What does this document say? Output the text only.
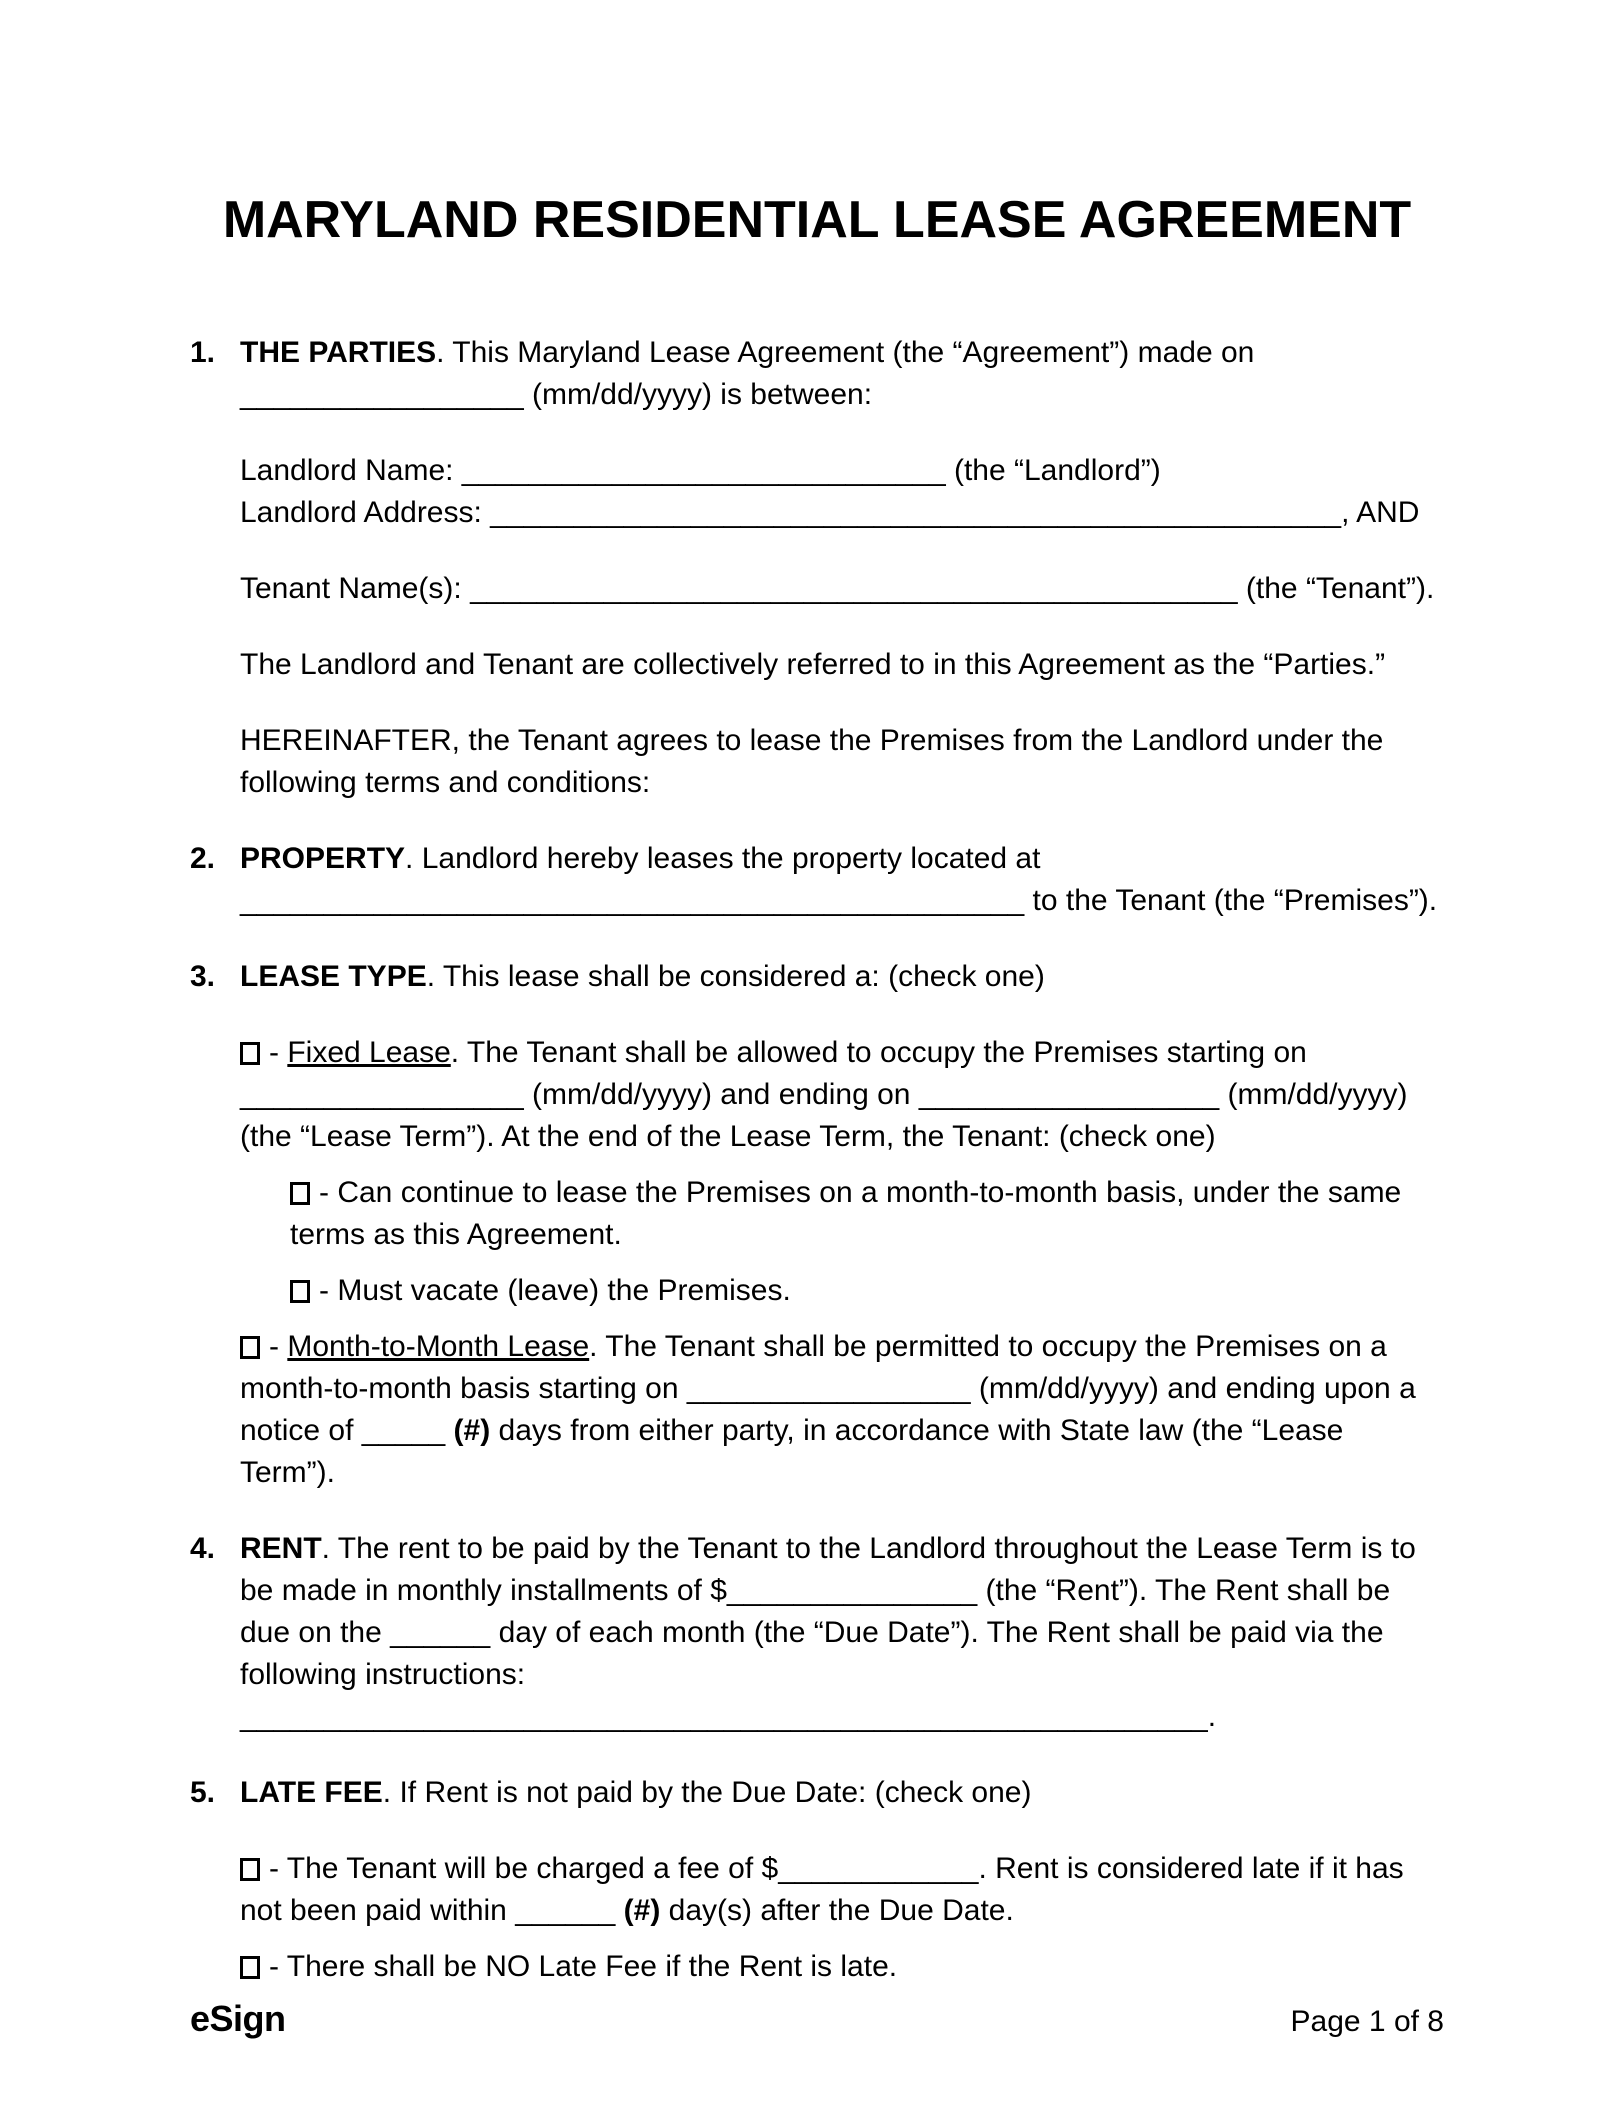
MARYLAND RESIDENTIAL LEASE AGREEMENT
1. THE PARTIES. This Maryland Lease Agreement (the “Agreement”) made on _________________ (mm/dd/yyyy) is between:
Landlord Name: _____________________________ (the “Landlord”)
Landlord Address: ___________________________________________________, AND
Tenant Name(s): ______________________________________________ (the “Tenant”).
The Landlord and Tenant are collectively referred to in this Agreement as the “Parties.”
HEREINAFTER, the Tenant agrees to lease the Premises from the Landlord under the following terms and conditions:
2. PROPERTY. Landlord hereby leases the property located at _______________________________________________ to the Tenant (the “Premises”).
3. LEASE TYPE. This lease shall be considered a: (check one)
- Fixed Lease. The Tenant shall be allowed to occupy the Premises starting on _________________ (mm/dd/yyyy) and ending on __________________ (mm/dd/yyyy) (the “Lease Term”). At the end of the Lease Term, the Tenant: (check one)
- Can continue to lease the Premises on a month-to-month basis, under the same terms as this Agreement.
- Must vacate (leave) the Premises.
- Month-to-Month Lease. The Tenant shall be permitted to occupy the Premises on a month-to-month basis starting on _________________ (mm/dd/yyyy) and ending upon a notice of _____ (#) days from either party, in accordance with State law (the “Lease Term”).
4. RENT. The rent to be paid by the Tenant to the Landlord throughout the Lease Term is to be made in monthly installments of $_______________ (the “Rent”). The Rent shall be due on the ______ day of each month (the “Due Date”). The Rent shall be paid via the following instructions: __________________________________________________________.
5. LATE FEE. If Rent is not paid by the Due Date: (check one)
- The Tenant will be charged a fee of $____________. Rent is considered late if it has not been paid within ______ (#) day(s) after the Due Date.
- There shall be NO Late Fee if the Rent is late.
eSign	Page 1 of 8
